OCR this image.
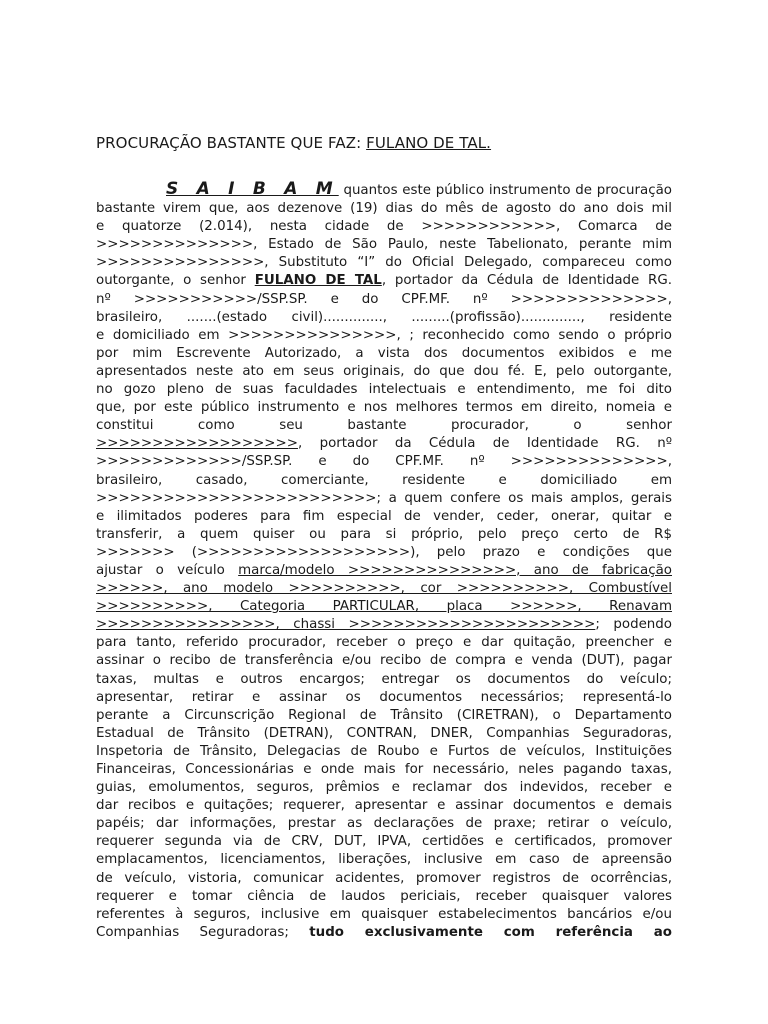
PROCURAÇÃO BASTANTE QUE FAZ: FULANO DE TAL.
S A I B A M quantos este público instrumento de procuração
bastante virem que, aos dezenove (19) dias do mês de agosto do ano dois mil
e quatorze (2.014), nesta cidade de >>>>>>>>>>>>, Comarca de
>>>>>>>>>>>>>>, Estado de São Paulo, neste Tabelionato, perante mim
>>>>>>>>>>>>>>>, Substituto “I” do Oficial Delegado, compareceu como
outorgante, o senhor FULANO DE TAL, portador da Cédula de Identidade RG.
nº >>>>>>>>>>>/SSP.SP. e do CPF.MF. nº >>>>>>>>>>>>>>,
brasileiro, .......(estado civil).............., .........(profissão).............., residente
e domiciliado em >>>>>>>>>>>>>>>, ; reconhecido como sendo o próprio
por mim Escrevente Autorizado, a vista dos documentos exibidos e me
apresentados neste ato em seus originais, do que dou fé. E, pelo outorgante,
no gozo pleno de suas faculdades intelectuais e entendimento, me foi dito
que, por este público instrumento e nos melhores termos em direito, nomeia e
constitui como seu bastante procurador, o senhor
>>>>>>>>>>>>>>>>>>, portador da Cédula de Identidade RG. nº
>>>>>>>>>>>>>/SSP.SP. e do CPF.MF. nº >>>>>>>>>>>>>>,
brasileiro, casado, comerciante, residente e domiciliado em
>>>>>>>>>>>>>>>>>>>>>>>>>; a quem confere os mais amplos, gerais
e ilimitados poderes para fim especial de vender, ceder, onerar, quitar e
transferir, a quem quiser ou para si próprio, pelo preço certo de R$
>>>>>>> (>>>>>>>>>>>>>>>>>>>), pelo prazo e condições que
ajustar o veículo marca/modelo >>>>>>>>>>>>>>>, ano de fabricação
>>>>>>, ano modelo >>>>>>>>>>, cor >>>>>>>>>>, Combustível
>>>>>>>>>>, Categoria PARTICULAR, placa >>>>>>, Renavam
>>>>>>>>>>>>>>>>, chassi >>>>>>>>>>>>>>>>>>>>>>; podendo
para tanto, referido procurador, receber o preço e dar quitação, preencher e
assinar o recibo de transferência e/ou recibo de compra e venda (DUT), pagar
taxas, multas e outros encargos; entregar os documentos do veículo;
apresentar, retirar e assinar os documentos necessários; representá-lo
perante a Circunscrição Regional de Trânsito (CIRETRAN), o Departamento
Estadual de Trânsito (DETRAN), CONTRAN, DNER, Companhias Seguradoras,
Inspetoria de Trânsito, Delegacias de Roubo e Furtos de veículos, Instituições
Financeiras, Concessionárias e onde mais for necessário, neles pagando taxas,
guias, emolumentos, seguros, prêmios e reclamar dos indevidos, receber e
dar recibos e quitações; requerer, apresentar e assinar documentos e demais
papéis; dar informações, prestar as declarações de praxe; retirar o veículo,
requerer segunda via de CRV, DUT, IPVA, certidões e certificados, promover
emplacamentos, licenciamentos, liberações, inclusive em caso de apreensão
de veículo, vistoria, comunicar acidentes, promover registros de ocorrências,
requerer e tomar ciência de laudos periciais, receber quaisquer valores
referentes à seguros, inclusive em quaisquer estabelecimentos bancários e/ou
Companhias Seguradoras; tudo exclusivamente com referência ao
